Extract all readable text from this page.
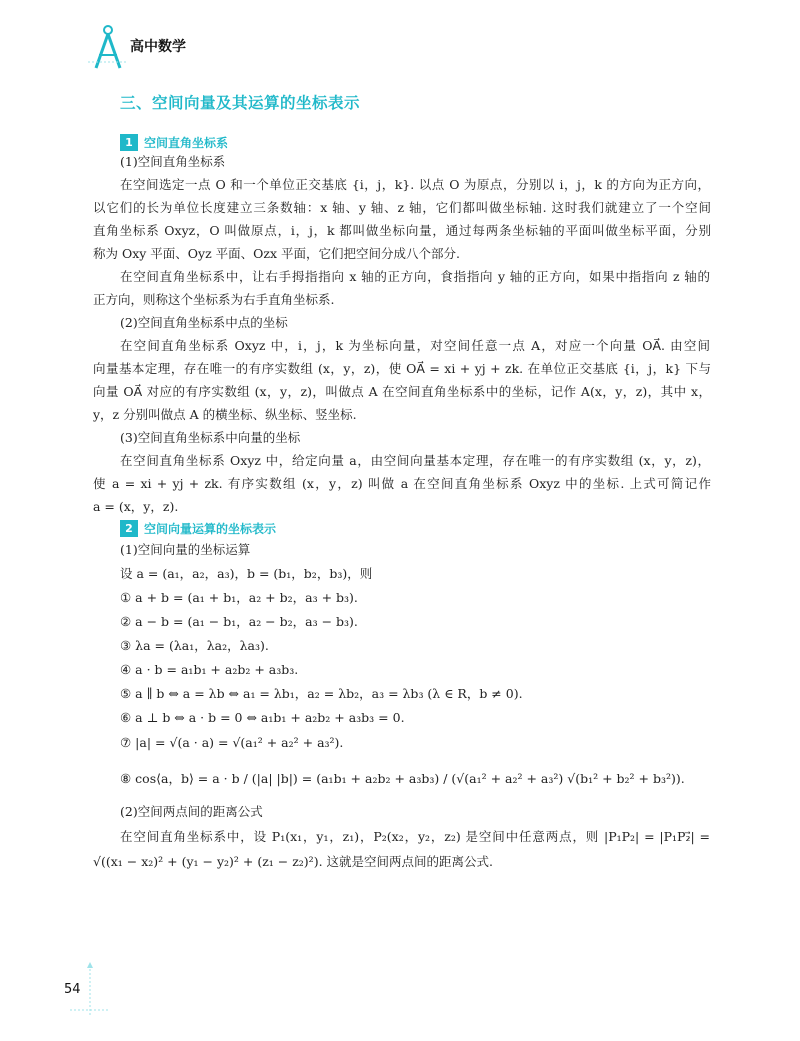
高中数学
三、空间向量及其运算的坐标表示
1 空间直角坐标系
(1)空间直角坐标系
在空间选定一点 O 和一个单位正交基底 {i，j，k}. 以点 O 为原点，分别以 i，j，k 的方向为正方向，
以它们的长为单位长度建立三条数轴：x 轴、y 轴、z 轴，它们都叫做坐标轴. 这时我们就建立了一个空间
直角坐标系 Oxyz，O 叫做原点，i，j，k 都叫做坐标向量，通过每两条坐标轴的平面叫做坐标平面，分别
称为 Oxy 平面、Oyz 平面、Ozx 平面，它们把空间分成八个部分.
在空间直角坐标系中，让右手拇指指向 x 轴的正方向，食指指向 y 轴的正方向，如果中指指向 z 轴的
正方向，则称这个坐标系为右手直角坐标系.
(2)空间直角坐标系中点的坐标
在空间直角坐标系 Oxyz 中，i，j，k 为坐标向量，对空间任意一点 A，对应一个向量 OA⃗. 由空间
向量基本定理，存在唯一的有序实数组 (x，y，z)，使 OA⃗ = xi + yj + zk. 在单位正交基底 {i，j，k} 下与
向量 OA⃗ 对应的有序实数组 (x，y，z)，叫做点 A 在空间直角坐标系中的坐标，记作 A(x，y，z)，其中 x，
y，z 分别叫做点 A 的横坐标、纵坐标、竖坐标.
(3)空间直角坐标系中向量的坐标
在空间直角坐标系 Oxyz 中，给定向量 a，由空间向量基本定理，存在唯一的有序实数组 (x，y，z)，
使 a = xi + yj + zk. 有序实数组 (x，y，z) 叫做 a 在空间直角坐标系 Oxyz 中的坐标. 上式可简记作
a = (x，y，z).
2 空间向量运算的坐标表示
(1)空间向量的坐标运算
设 a = (a₁，a₂，a₃)，b = (b₁，b₂，b₃)，则
① a + b = (a₁ + b₁，a₂ + b₂，a₃ + b₃).
② a − b = (a₁ − b₁，a₂ − b₂，a₃ − b₃).
③ λa = (λa₁，λa₂，λa₃).
④ a · b = a₁b₁ + a₂b₂ + a₃b₃.
⑤ a ∥ b ⇔ a = λb ⇔ a₁ = λb₁，a₂ = λb₂，a₃ = λb₃ (λ ∈ R，b ≠ 0).
⑥ a ⊥ b ⇔ a · b = 0 ⇔ a₁b₁ + a₂b₂ + a₃b₃ = 0.
⑦ |a| = √(a · a) = √(a₁² + a₂² + a₃²).
⑧ cos⟨a，b⟩ = a · b / (|a| |b|) = (a₁b₁ + a₂b₂ + a₃b₃) / (√(a₁² + a₂² + a₃²) √(b₁² + b₂² + b₃²)).
(2)空间两点间的距离公式
在空间直角坐标系中，设 P₁(x₁，y₁，z₁)，P₂(x₂，y₂，z₂) 是空间中任意两点，则 |P₁P₂| = |P₁P₂⃗| =
√((x₁ − x₂)² + (y₁ − y₂)² + (z₁ − z₂)²). 这就是空间两点间的距离公式.
54
